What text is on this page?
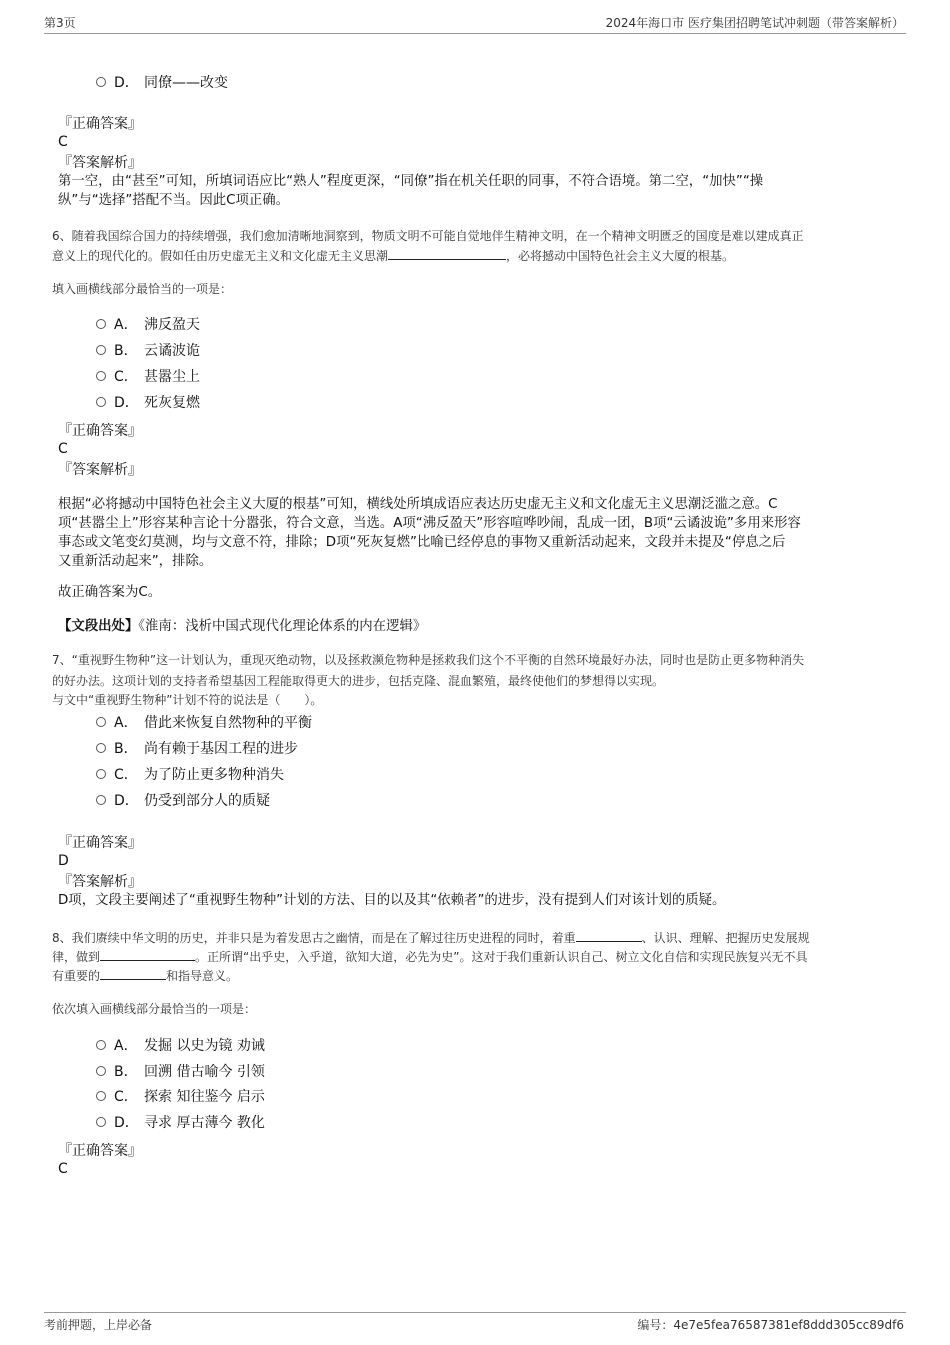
第3页	2024年海口市 医疗集团招聘笔试冲刺题（带答案解析）
D． 同僚——改变
『正确答案』
C
『答案解析』
第一空，由“甚至”可知，所填词语应比“熟人”程度更深，“同僚”指在机关任职的同事，不符合语境。第二空，“加快”“操
纵”与“选择”搭配不当。因此C项正确。
6、随着我国综合国力的持续增强，我们愈加清晰地洞察到，物质文明不可能自觉地伴生精神文明，在一个精神文明匮乏的国度是难以建成真正
意义上的现代化的。假如任由历史虚无主义和文化虚无主义思潮	，必将撼动中国特色社会主义大厦的根基。
填入画横线部分最恰当的一项是：
A． 沸反盈天
B． 云谲波诡
C． 甚嚣尘上
D． 死灰复燃
『正确答案』
C
『答案解析』
根据“必将撼动中国特色社会主义大厦的根基”可知，横线处所填成语应表达历史虚无主义和文化虚无主义思潮泛滥之意。C
项“甚嚣尘上”形容某种言论十分嚣张，符合文意，当选。A项“沸反盈天”形容喧哗吵闹，乱成一团，B项“云谲波诡”多用来形容
事态或文笔变幻莫测，均与文意不符，排除；D项“死灰复燃”比喻已经停息的事物又重新活动起来，文段并未提及“停息之后
又重新活动起来”，排除。
故正确答案为C。
【文段出处】《淮南：浅析中国式现代化理论体系的内在逻辑》
7、“重视野生物种”这一计划认为，重现灭绝动物，以及拯救濒危物种是拯救我们这个不平衡的自然环境最好办法，同时也是防止更多物种消失
的好办法。这项计划的支持者希望基因工程能取得更大的进步，包括克隆、混血繁殖，最终使他们的梦想得以实现。
与文中“重视野生物种”计划不符的说法是（　　）。
A． 借此来恢复自然物种的平衡
B． 尚有赖于基因工程的进步
C． 为了防止更多物种消失
D． 仍受到部分人的质疑
『正确答案』
D
『答案解析』
D项，文段主要阐述了“重视野生物种”计划的方法、目的以及其“依赖者”的进步，没有提到人们对该计划的质疑。
8、我们赓续中华文明的历史，并非只是为着发思古之幽情，而是在了解过往历史进程的同时，着重	、认识、理解、把握历史发展规
律，做到	。正所谓“出乎史，入乎道，欲知大道，必先为史”。这对于我们重新认识自己、树立文化自信和实现民族复兴无不具
有重要的	和指导意义。
依次填入画横线部分最恰当的一项是：
A． 发掘 以史为镜 劝诫
B． 回溯 借古喻今 引领
C． 探索 知往鉴今 启示
D． 寻求 厚古薄今 教化
『正确答案』
C
考前押题，上岸必备	编号：4e7e5fea76587381ef8ddd305cc89df6
